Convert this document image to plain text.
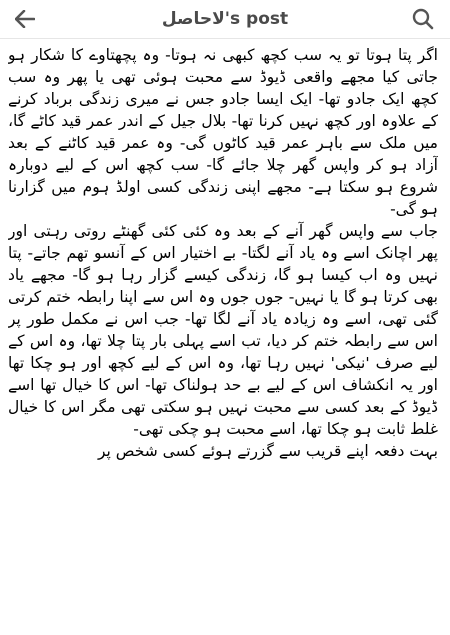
لاحاصل's post

اگر پتا ہوتا تو یہ سب کچھ کبھی نہ ہوتا- وہ پچھتاوے کا شکار ہو جاتی کیا مجھے واقعی ڈیوڈ سے محبت ہوئی تھی یا پھر وہ سب کچھ ایک جادو تھا- ایک ایسا جادو جس نے میری زندگی برباد کرنے کے علاوہ اور کچھ نہیں کرنا تھا- بلال جیل کے اندر عمر قید کاٹے گا، میں ملک سے باہر عمر قید کاٹوں گی- وہ عمر قید کاٹنے کے بعد آزاد ہو کر واپس گھر چلا جائے گا- سب کچھ اس کے لیے دوبارہ شروع ہو سکتا ہے- مجھے اپنی زندگی کسی اولڈ ہوم میں گزارنا ہو گی-

جاب سے واپس گھر آنے کے بعد وہ کئی کئی گھنٹے روتی رہتی اور پھر اچانک اسے وہ یاد آنے لگتا- بے اختیار اس کے آنسو تھم جاتے- پتا نہیں وہ اب کیسا ہو گا، زندگی کیسے گزار رہا ہو گا- مجھے یاد بھی کرتا ہو گا یا نہیں- جوں جوں وہ اس سے اپنا رابطہ ختم کرتی گئی تھی، اسے وہ زیادہ یاد آنے لگا تھا- جب اس نے مکمل طور پر اس سے رابطہ ختم کر دیا، تب اسے پہلی بار پتا چلا تھا، وہ اس کے لیے صرف 'نیکی' نہیں رہا تھا، وہ اس کے لیے کچھ اور ہو چکا تھا اور یہ انکشاف اس کے لیے بے حد ہولناک تھا- اس کا خیال تھا اسے ڈیوڈ کے بعد کسی سے محبت نہیں ہو سکتی تھی مگر اس کا خیال غلط ثابت ہو چکا تھا، اسے محبت ہو چکی تھی-

بہت دفعہ اپنے قریب سے گزرتے ہوئے کسی شخص پر
